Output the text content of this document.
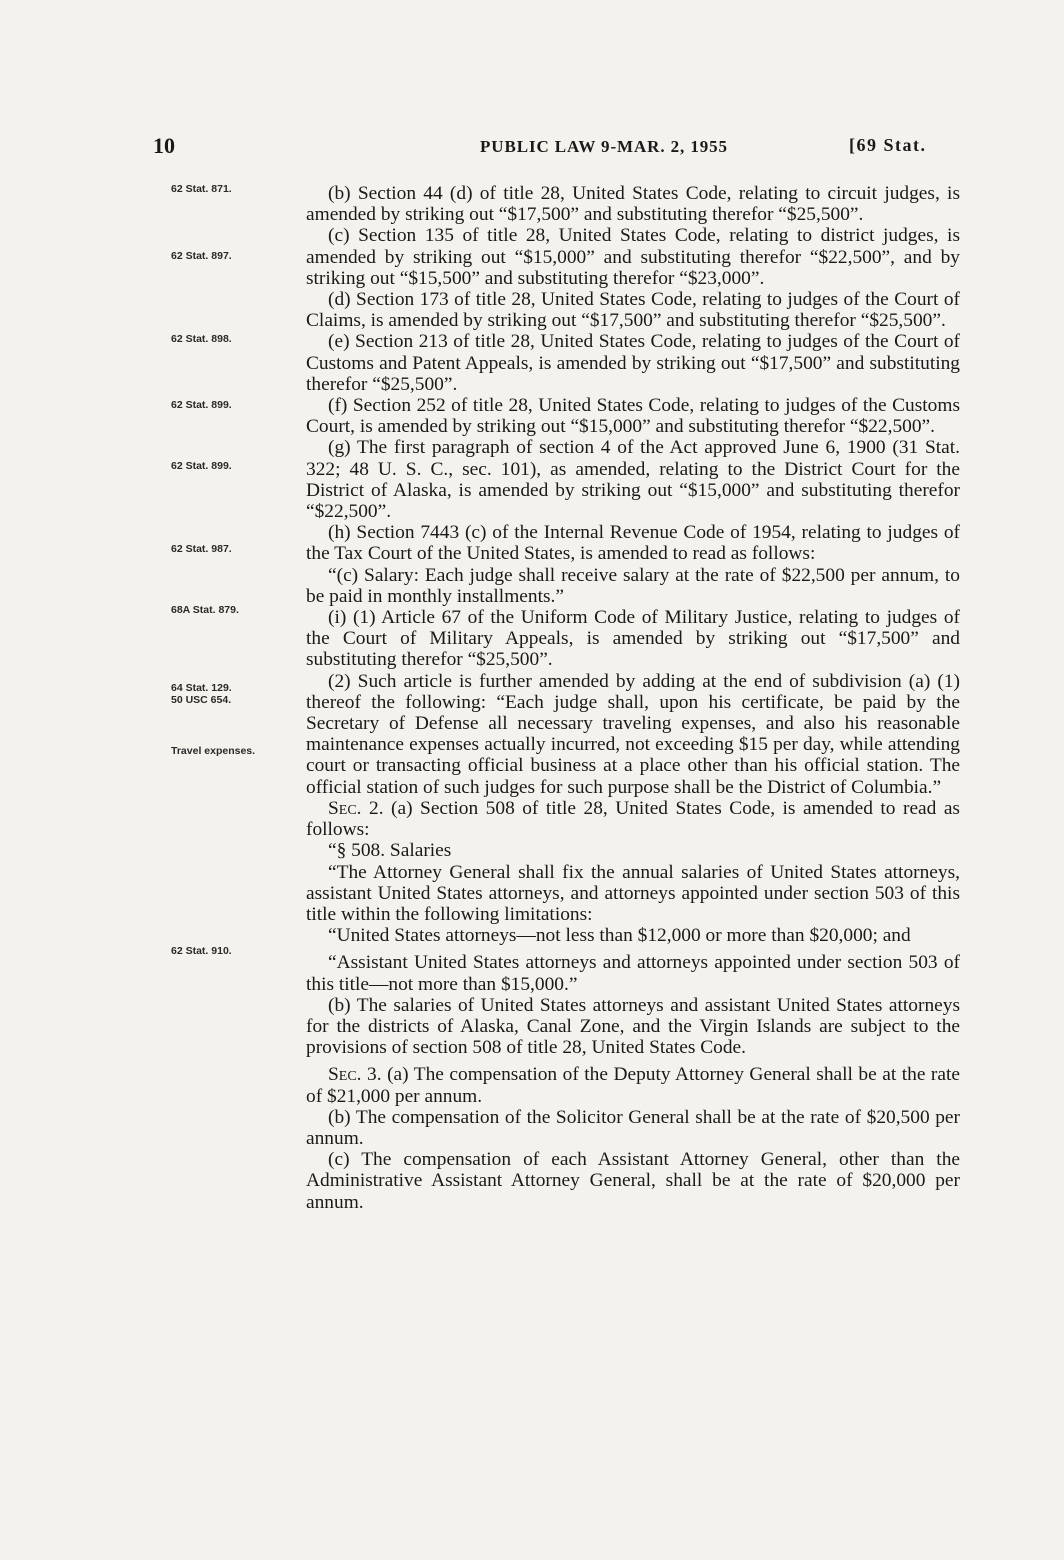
10	PUBLIC LAW 9-MAR. 2, 1955	[69 Stat.
62 Stat. 871.
62 Stat. 897.
62 Stat. 898.
62 Stat. 899.
62 Stat. 899.
62 Stat. 987.
68A Stat. 879.
64 Stat. 129.
50 USC 654.
Travel expenses.
62 Stat. 910.

(b) Section 44 (d) of title 28, United States Code, relating to circuit judges, is amended by striking out “$17,500” and substituting therefor “$25,500”.

(c) Section 135 of title 28, United States Code, relating to district judges, is amended by striking out “$15,000” and substituting therefor “$22,500”, and by striking out “$15,500” and substituting therefor “$23,000”.

(d) Section 173 of title 28, United States Code, relating to judges of the Court of Claims, is amended by striking out “$17,500” and substituting therefor “$25,500”.

(e) Section 213 of title 28, United States Code, relating to judges of the Court of Customs and Patent Appeals, is amended by striking out “$17,500” and substituting therefor “$25,500”.

(f) Section 252 of title 28, United States Code, relating to judges of the Customs Court, is amended by striking out “$15,000” and substituting therefor “$22,500”.

(g) The first paragraph of section 4 of the Act approved June 6, 1900 (31 Stat. 322; 48 U. S. C., sec. 101), as amended, relating to the District Court for the District of Alaska, is amended by striking out “$15,000” and substituting therefor “$22,500”.

(h) Section 7443 (c) of the Internal Revenue Code of 1954, relating to judges of the Tax Court of the United States, is amended to read as follows:

“(c) Salary: Each judge shall receive salary at the rate of $22,500 per annum, to be paid in monthly installments.”

(i) (1) Article 67 of the Uniform Code of Military Justice, relating to judges of the Court of Military Appeals, is amended by striking out “$17,500” and substituting therefor “$25,500”.

(2) Such article is further amended by adding at the end of subdivision (a) (1) thereof the following: “Each judge shall, upon his certificate, be paid by the Secretary of Defense all necessary traveling expenses, and also his reasonable maintenance expenses actually incurred, not exceeding $15 per day, while attending court or transacting official business at a place other than his official station. The official station of such judges for such purpose shall be the District of Columbia.”

Sec. 2. (a) Section 508 of title 28, United States Code, is amended to read as follows:

“§ 508. Salaries

“The Attorney General shall fix the annual salaries of United States attorneys, assistant United States attorneys, and attorneys appointed under section 503 of this title within the following limitations:

“United States attorneys—not less than $12,000 or more than $20,000; and

“Assistant United States attorneys and attorneys appointed under section 503 of this title—not more than $15,000.”

(b) The salaries of United States attorneys and assistant United States attorneys for the districts of Alaska, Canal Zone, and the Virgin Islands are subject to the provisions of section 508 of title 28, United States Code.

Sec. 3. (a) The compensation of the Deputy Attorney General shall be at the rate of $21,000 per annum.

(b) The compensation of the Solicitor General shall be at the rate of $20,500 per annum.

(c) The compensation of each Assistant Attorney General, other than the Administrative Assistant Attorney General, shall be at the rate of $20,000 per annum.
